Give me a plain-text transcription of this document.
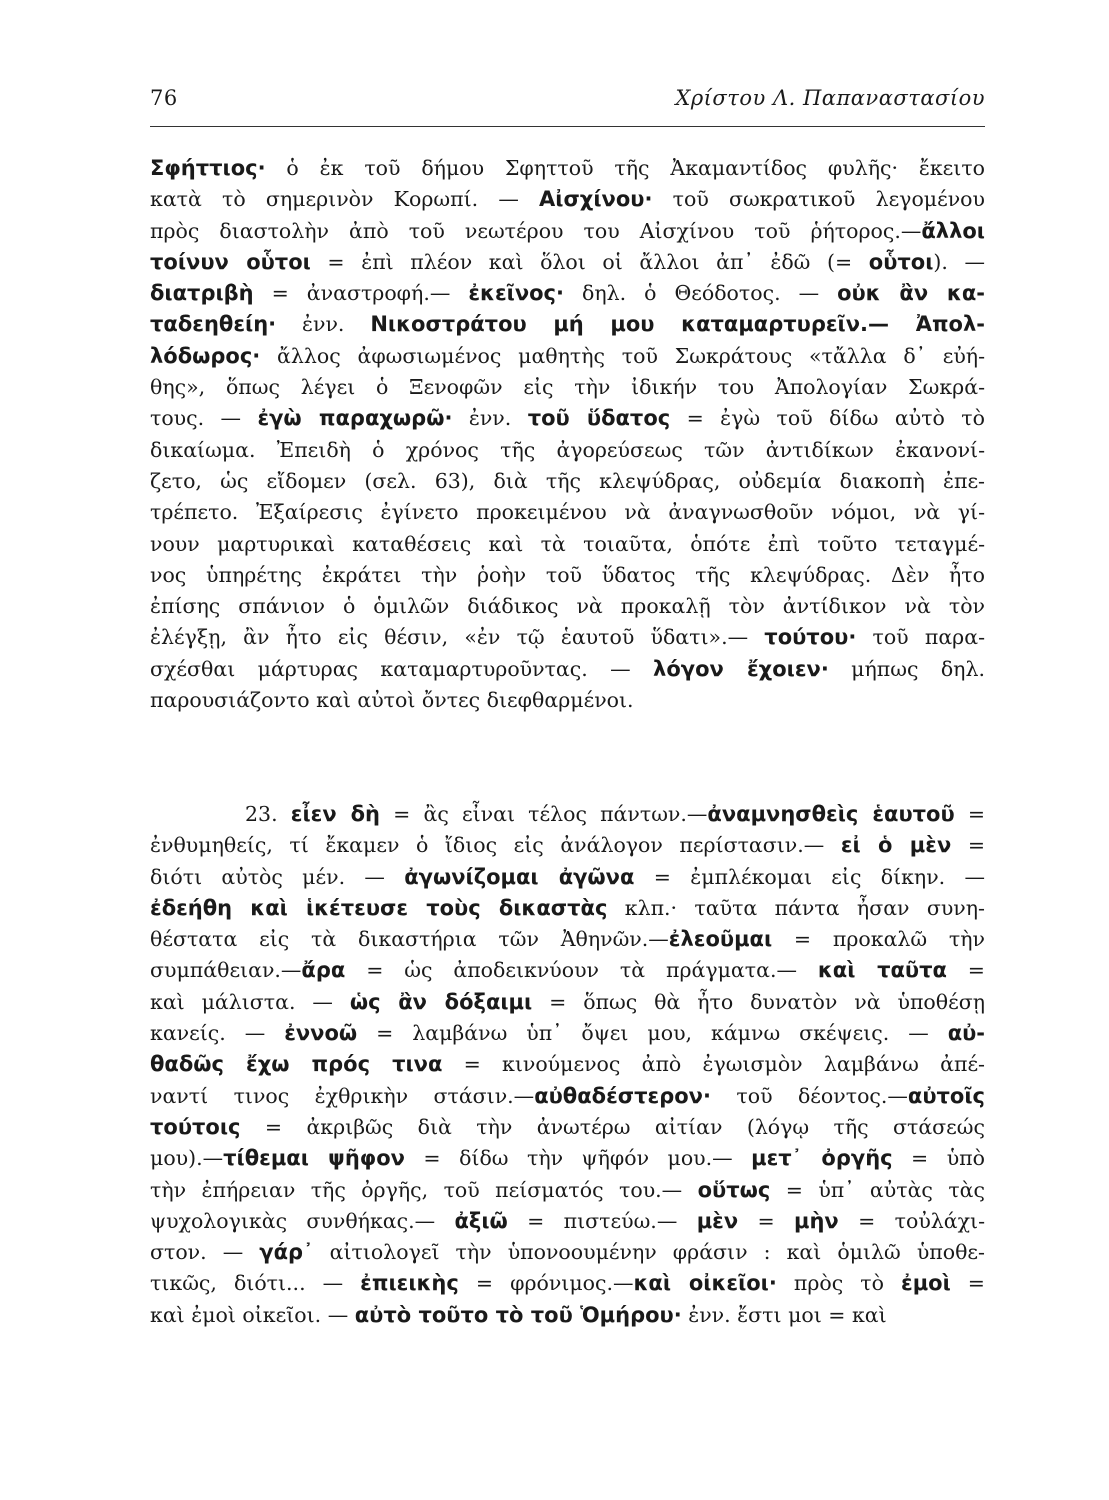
76	Χρίστου Λ. Παπαναστασίου
Σφήττιος· ὁ ἐκ τοῦ δήμου Σφηττοῦ τῆς Ἀκαμαντίδος φυλῆς· ἔκειτο
κατὰ τὸ σημερινὸν Κορωπί. — Αἰσχίνου· τοῦ σωκρατικοῦ λεγομένου
πρὸς διαστολὴν ἀπὸ τοῦ νεωτέρου του Αἰσχίνου τοῦ ῥήτορος.—ἄλλοι
τοίνυν οὗτοι = ἐπὶ πλέον καὶ ὅλοι οἱ ἄλλοι ἀπ᾽ ἐδῶ (= οὗτοι). —
διατριβὴ = ἀναστροφή.— ἐκεῖνος· δηλ. ὁ Θεόδοτος. — οὐκ ἂν κα-
ταδεηθείη· ἐνν. Νικοστράτου μή μου καταμαρτυρεῖν.— Ἀπολ-
λόδωρος· ἄλλος ἀφωσιωμένος μαθητὴς τοῦ Σωκράτους «τἄλλα δ᾽ εὐή-
θης», ὅπως λέγει ὁ Ξενοφῶν εἰς τὴν ἰδικήν του Ἀπολογίαν Σωκρά-
τους. — ἐγὼ παραχωρῶ· ἐνν. τοῦ ὕδατος = ἐγὼ τοῦ δίδω αὐτὸ τὸ
δικαίωμα. Ἐπειδὴ ὁ χρόνος τῆς ἀγορεύσεως τῶν ἀντιδίκων ἐκανονί-
ζετο, ὡς εἴδομεν (σελ. 63), διὰ τῆς κλεψύδρας, οὐδεμία διακοπὴ ἐπε-
τρέπετο. Ἐξαίρεσις ἐγίνετο προκειμένου νὰ ἀναγνωσθοῦν νόμοι, νὰ γί-
νουν μαρτυρικαὶ καταθέσεις καὶ τὰ τοιαῦτα, ὁπότε ἐπὶ τοῦτο τεταγμέ-
νος ὑπηρέτης ἐκράτει τὴν ῥοὴν τοῦ ὕδατος τῆς κλεψύδρας. Δὲν ἦτο
ἐπίσης σπάνιον ὁ ὁμιλῶν διάδικος νὰ προκαλῇ τὸν ἀντίδικον νὰ τὸν
ἐλέγξῃ, ἂν ἦτο εἰς θέσιν, «ἐν τῷ ἑαυτοῦ ὕδατι».— τούτου· τοῦ παρα-
σχέσθαι μάρτυρας καταμαρτυροῦντας. — λόγον ἔχοιεν· μήπως δηλ.
παρουσιάζοντο καὶ αὐτοὶ ὄντες διεφθαρμένοι.
23. εἶεν δὴ = ἂς εἶναι τέλος πάντων.—ἀναμνησθεὶς ἑαυτοῦ =
ἐνθυμηθείς, τί ἔκαμεν ὁ ἴδιος εἰς ἀνάλογον περίστασιν.— εἰ ὁ μὲν =
διότι αὐτὸς μέν. — ἀγωνίζομαι ἀγῶνα = ἐμπλέκομαι εἰς δίκην. —
ἐδεήθη καὶ ἱκέτευσε τοὺς δικαστὰς κλπ.· ταῦτα πάντα ἦσαν συνη-
θέστατα εἰς τὰ δικαστήρια τῶν Ἀθηνῶν.—ἐλεοῦμαι = προκαλῶ τὴν
συμπάθειαν.—ἄρα = ὡς ἀποδεικνύουν τὰ πράγματα.— καὶ ταῦτα =
καὶ μάλιστα. — ὡς ἂν δόξαιμι = ὅπως θὰ ἦτο δυνατὸν νὰ ὑποθέσῃ
κανείς. — ἐννοῶ = λαμβάνω ὑπ᾽ ὄψει μου, κάμνω σκέψεις. — αὐ-
θαδῶς ἔχω πρός τινα = κινούμενος ἀπὸ ἐγωισμὸν λαμβάνω ἀπέ-
ναντί τινος ἐχθρικὴν στάσιν.—αὐθαδέστερον· τοῦ δέοντος.—αὐτοῖς
τούτοις = ἀκριβῶς διὰ τὴν ἀνωτέρω αἰτίαν (λόγῳ τῆς στάσεώς
μου).—τίθεμαι ψῆφον = δίδω τὴν ψῆφόν μου.— μετ᾽ ὀργῆς = ὑπὸ
τὴν ἐπήρειαν τῆς ὀργῆς, τοῦ πείσματός του.— οὕτως = ὑπ᾽ αὐτὰς τὰς
ψυχολογικὰς συνθήκας.— ἀξιῶ = πιστεύω.— μὲν = μὴν = τοὐλάχι-
στον. — γάρ᾽ αἰτιολογεῖ τὴν ὑπονοουμένην φράσιν : καὶ ὁμιλῶ ὑποθε-
τικῶς, διότι... — ἐπιεικὴς = φρόνιμος.—καὶ οἰκεῖοι· πρὸς τὸ ἐμοὶ =
καὶ ἐμοὶ οἰκεῖοι. — αὐτὸ τοῦτο τὸ τοῦ Ὁμήρου· ἐνν. ἔστι μοι = καὶ
